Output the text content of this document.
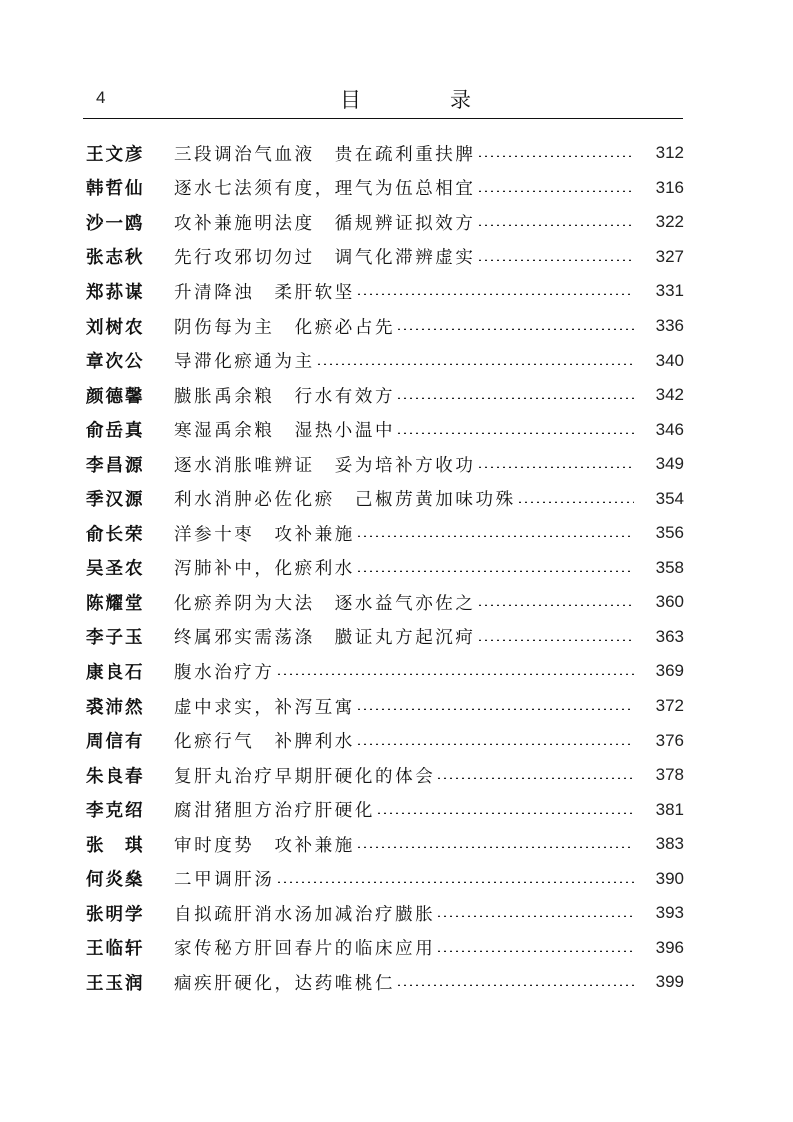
4	目　录
王文彦	三段调治气血液　贵在疏利重扶脾	312
韩哲仙	逐水七法须有度，理气为伍总相宜	316
沙一鸥	攻补兼施明法度　循规辨证拟效方	322
张志秋	先行攻邪切勿过　调气化滞辨虚实	327
郑荪谋	升清降浊　柔肝软坚	331
刘树农	阴伤每为主　化瘀必占先	336
章次公	导滞化瘀通为主	340
颜德馨	臌胀禹余粮　行水有效方	342
俞岳真	寒湿禹余粮　湿热小温中	346
李昌源	逐水消胀唯辨证　妥为培补方收功	349
季汉源	利水消肿必佐化瘀　己椒苈黄加味功殊	354
俞长荣	洋参十枣　攻补兼施	356
吴圣农	泻肺补中，化瘀利水	358
陈耀堂	化瘀养阴为大法　逐水益气亦佐之	360
李子玉	终属邪实需荡涤　臌证丸方起沉疴	363
康良石	腹水治疗方	369
裘沛然	虚中求实，补泻互寓	372
周信有	化瘀行气　补脾利水	376
朱良春	复肝丸治疗早期肝硬化的体会	378
李克绍	腐泔猪胆方治疗肝硬化	381
张　琪	审时度势　攻补兼施	383
何炎燊	二甲调肝汤	390
张明学	自拟疏肝消水汤加减治疗臌胀	393
王临轩	家传秘方肝回春片的临床应用	396
王玉润	痼疾肝硬化，达药唯桃仁	399
